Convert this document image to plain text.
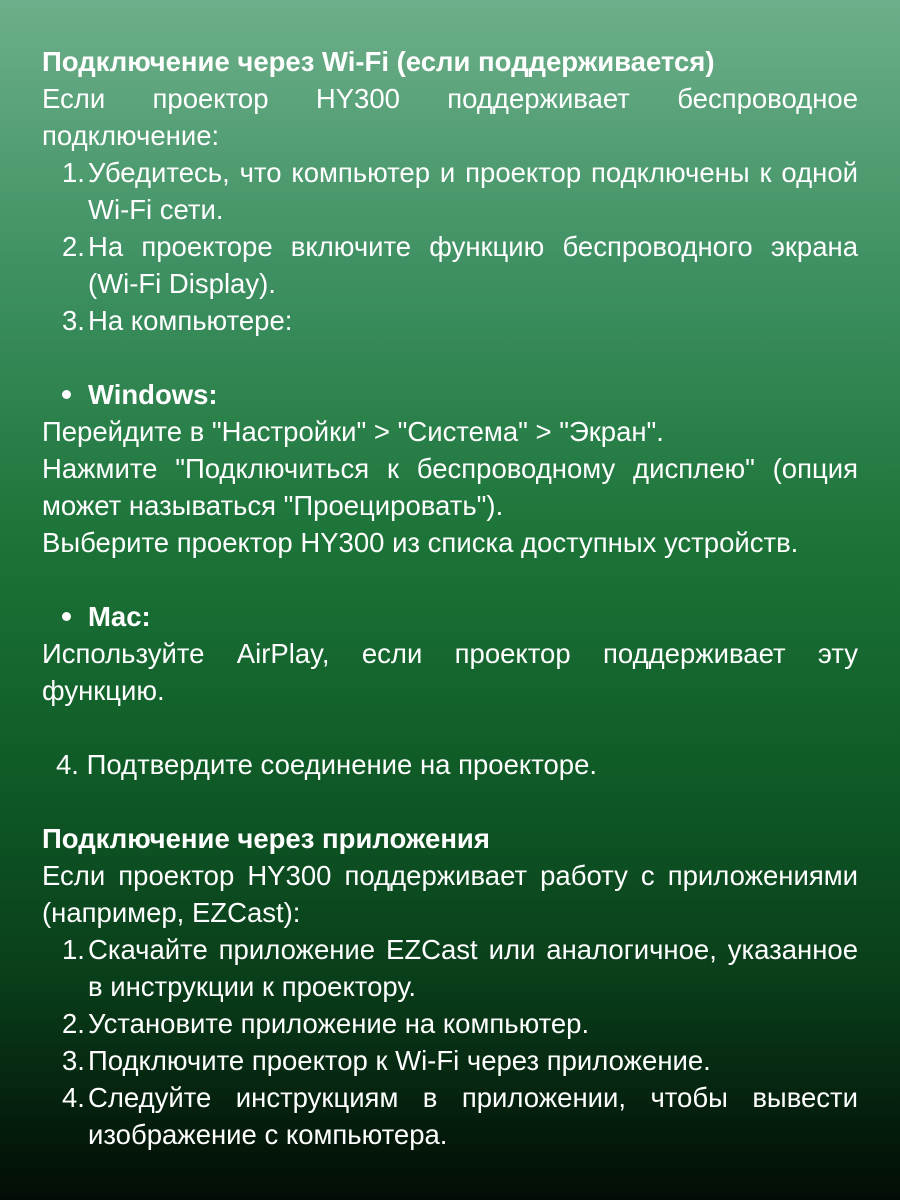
Подключение через Wi-Fi (если поддерживается)

Если проектор HY300 поддерживает беспроводное подключение:

1. Убедитесь, что компьютер и проектор подключены к одной Wi-Fi сети.
2. На проекторе включите функцию беспроводного экрана (Wi-Fi Display).
3. На компьютере:

Windows:

Перейдите в "Настройки" > "Система" > "Экран".

Нажмите "Подключиться к беспроводному дисплею" (опция может называться "Проецировать").

Выберите проектор HY300 из списка доступных устройств.

Mac:

Используйте AirPlay, если проектор поддерживает эту функцию.

4. Подтвердите соединение на проекторе.

Подключение через приложения

Если проектор HY300 поддерживает работу с приложениями (например, EZCast):

1. Скачайте приложение EZCast или аналогичное, указанное в инструкции к проектору.
2. Установите приложение на компьютер.
3. Подключите проектор к Wi-Fi через приложение.
4. Следуйте инструкциям в приложении, чтобы вывести изображение с компьютера.
